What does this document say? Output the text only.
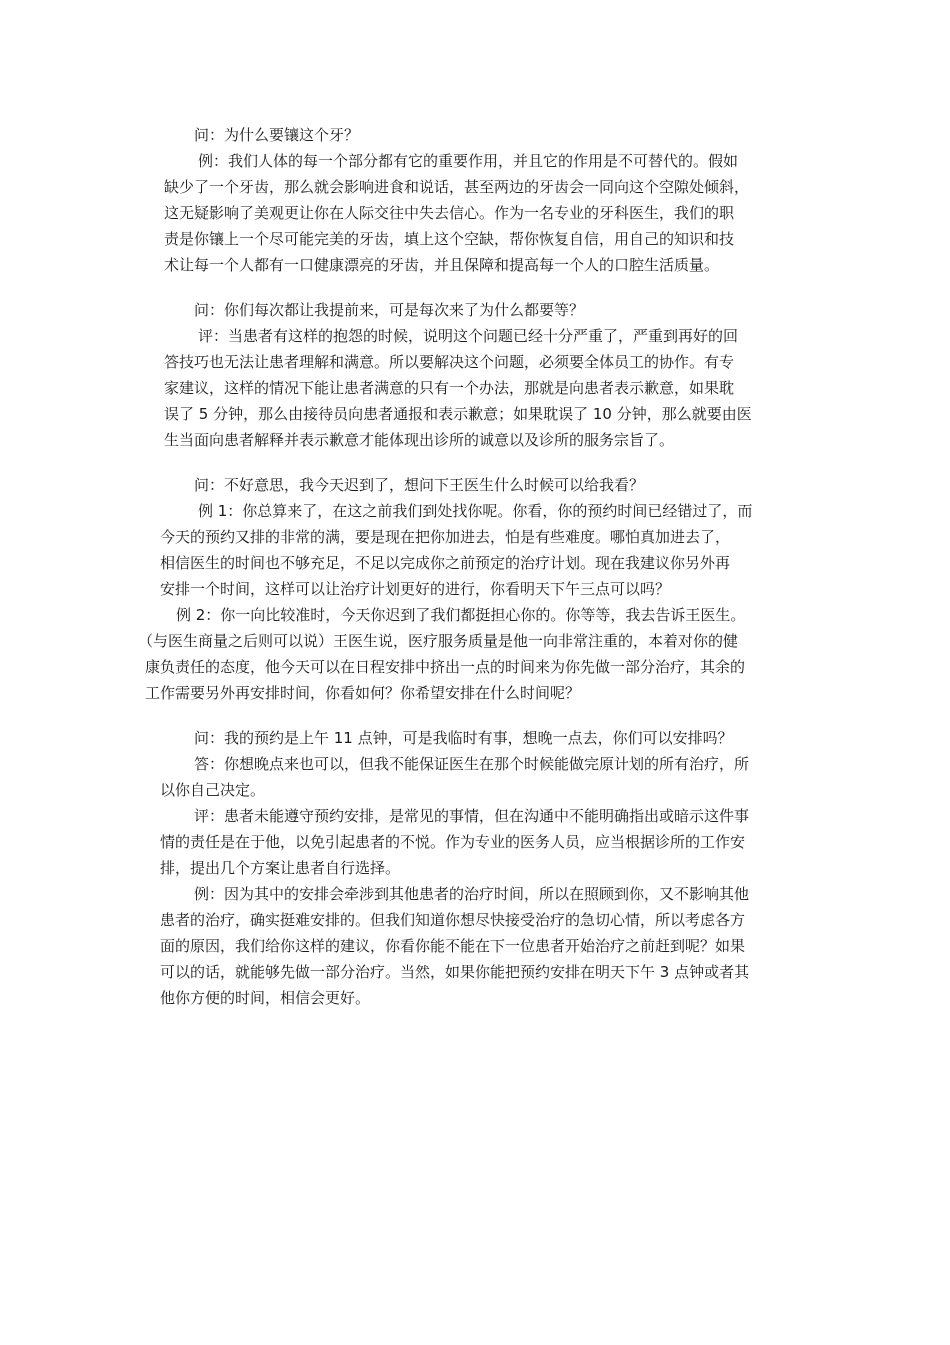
问：为什么要镶这个牙？
例：我们人体的每一个部分都有它的重要作用，并且它的作用是不可替代的。假如
缺少了一个牙齿，那么就会影响进食和说话，甚至两边的牙齿会一同向这个空隙处倾斜，
这无疑影响了美观更让你在人际交往中失去信心。作为一名专业的牙科医生，我们的职
责是你镶上一个尽可能完美的牙齿，填上这个空缺，帮你恢复自信，用自己的知识和技
术让每一个人都有一口健康漂亮的牙齿，并且保障和提高每一个人的口腔生活质量。
问：你们每次都让我提前来，可是每次来了为什么都要等？
评：当患者有这样的抱怨的时候，说明这个问题已经十分严重了，严重到再好的回
答技巧也无法让患者理解和满意。所以要解决这个问题，必须要全体员工的协作。有专
家建议，这样的情况下能让患者满意的只有一个办法，那就是向患者表示歉意，如果耽
误了 5 分钟，那么由接待员向患者通报和表示歉意；如果耽误了 10 分钟，那么就要由医
生当面向患者解释并表示歉意才能体现出诊所的诚意以及诊所的服务宗旨了。
问：不好意思，我今天迟到了，想问下王医生什么时候可以给我看？
例 1：你总算来了，在这之前我们到处找你呢。你看，你的预约时间已经错过了，而
今天的预约又排的非常的满，要是现在把你加进去，怕是有些难度。哪怕真加进去了，
相信医生的时间也不够充足，不足以完成你之前预定的治疗计划。现在我建议你另外再
安排一个时间，这样可以让治疗计划更好的进行，你看明天下午三点可以吗？
例 2：你一向比较准时，今天你迟到了我们都挺担心你的。你等等，我去告诉王医生。
（与医生商量之后则可以说）王医生说，医疗服务质量是他一向非常注重的，本着对你的健
康负责任的态度，他今天可以在日程安排中挤出一点的时间来为你先做一部分治疗，其余的
工作需要另外再安排时间，你看如何？你希望安排在什么时间呢？
问：我的预约是上午 11 点钟，可是我临时有事，想晚一点去，你们可以安排吗？
答：你想晚点来也可以，但我不能保证医生在那个时候能做完原计划的所有治疗，所
以你自己决定。
评：患者未能遵守预约安排，是常见的事情，但在沟通中不能明确指出或暗示这件事
情的责任是在于他，以免引起患者的不悦。作为专业的医务人员，应当根据诊所的工作安
排，提出几个方案让患者自行选择。
例：因为其中的安排会牵涉到其他患者的治疗时间，所以在照顾到你，又不影响其他
患者的治疗，确实挺难安排的。但我们知道你想尽快接受治疗的急切心情，所以考虑各方
面的原因，我们给你这样的建议，你看你能不能在下一位患者开始治疗之前赶到呢？如果
可以的话，就能够先做一部分治疗。当然，如果你能把预约安排在明天下午 3 点钟或者其
他你方便的时间，相信会更好。
